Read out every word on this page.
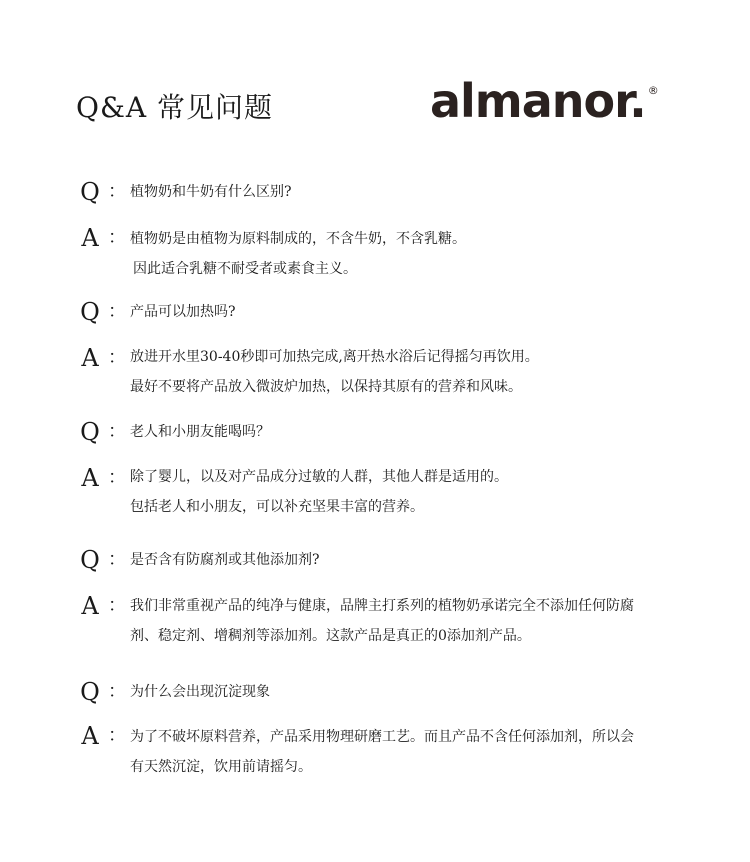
Q&A 常见问题	almanor. ®
Q ： 植物奶和牛奶有什么区别?
A ： 植物奶是由植物为原料制成的，不含牛奶，不含乳糖。
因此适合乳糖不耐受者或素食主义。
Q ： 产品可以加热吗?
A ： 放进开水里30-40秒即可加热完成,离开热水浴后记得摇匀再饮用。
最好不要将产品放入微波炉加热，以保持其原有的营养和风味。
Q ： 老人和小朋友能喝吗？
A ： 除了婴儿，以及对产品成分过敏的人群，其他人群是适用的。
包括老人和小朋友，可以补充坚果丰富的营养。
Q ： 是否含有防腐剂或其他添加剂?
A ： 我们非常重视产品的纯净与健康，品牌主打系列的植物奶承诺完全不添加任何防腐
剂、稳定剂、增稠剂等添加剂。这款产品是真正的0添加剂产品。
Q ： 为什么会出现沉淀现象
A ： 为了不破坏原料营养，产品采用物理研磨工艺。而且产品不含任何添加剂，所以会
有天然沉淀，饮用前请摇匀。
